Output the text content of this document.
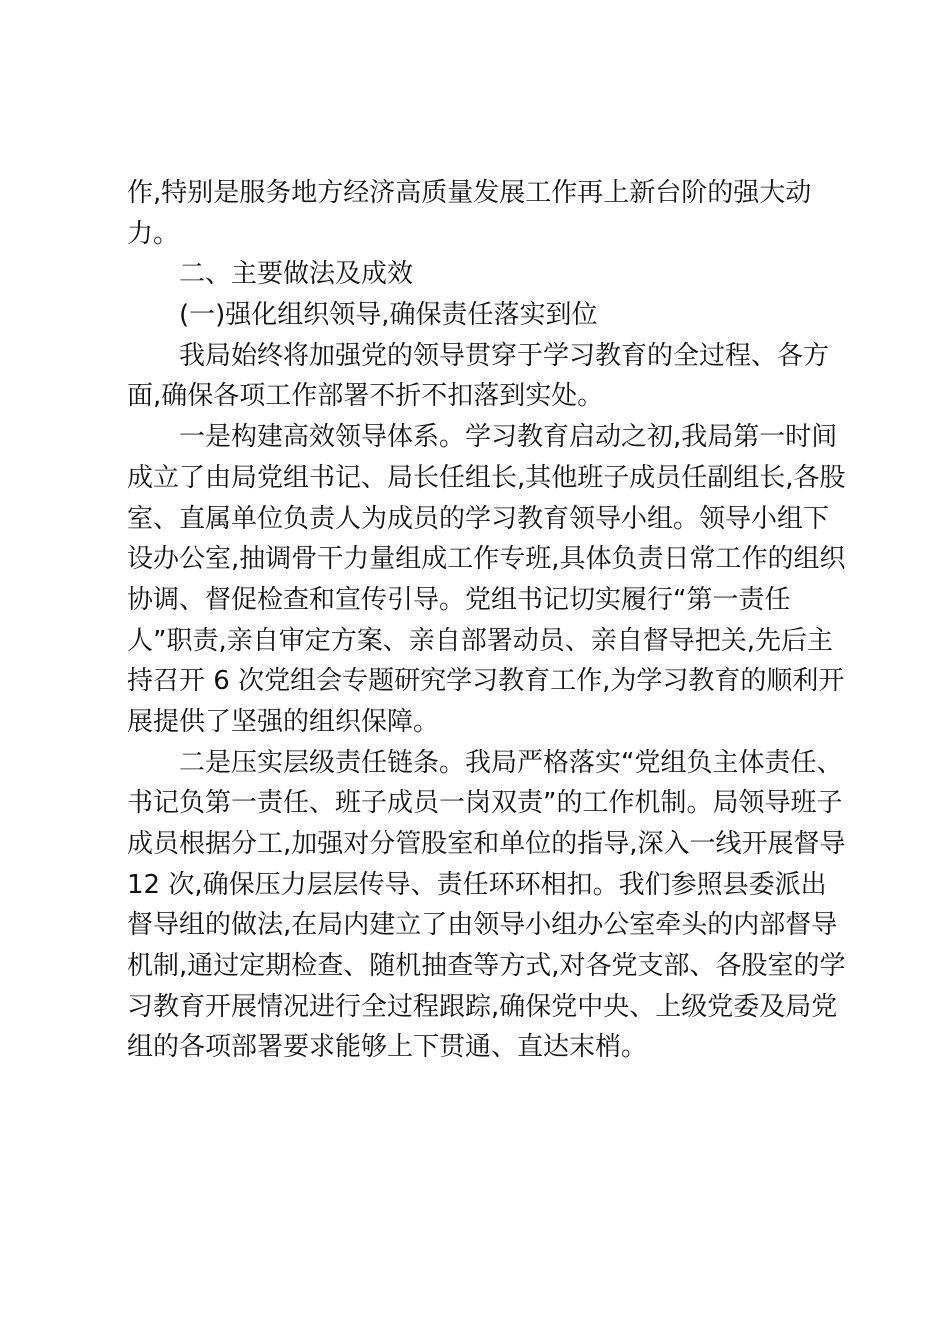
作,特别是服务地方经济高质量发展工作再上新台阶的强大动
力。
二、主要做法及成效
(一)强化组织领导,确保责任落实到位
我局始终将加强党的领导贯穿于学习教育的全过程、各方
面,确保各项工作部署不折不扣落到实处。
一是构建高效领导体系。学习教育启动之初,我局第一时间
成立了由局党组书记、局长任组长,其他班子成员任副组长,各股
室、直属单位负责人为成员的学习教育领导小组。领导小组下
设办公室,抽调骨干力量组成工作专班,具体负责日常工作的组织
协调、督促检查和宣传引导。党组书记切实履行“第一责任
人”职责,亲自审定方案、亲自部署动员、亲自督导把关,先后主
持召开 6 次党组会专题研究学习教育工作,为学习教育的顺利开
展提供了坚强的组织保障。
二是压实层级责任链条。我局严格落实“党组负主体责任、
书记负第一责任、班子成员一岗双责”的工作机制。局领导班子
成员根据分工,加强对分管股室和单位的指导,深入一线开展督导
12 次,确保压力层层传导、责任环环相扣。我们参照县委派出
督导组的做法,在局内建立了由领导小组办公室牵头的内部督导
机制,通过定期检查、随机抽查等方式,对各党支部、各股室的学
习教育开展情况进行全过程跟踪,确保党中央、上级党委及局党
组的各项部署要求能够上下贯通、直达末梢。
